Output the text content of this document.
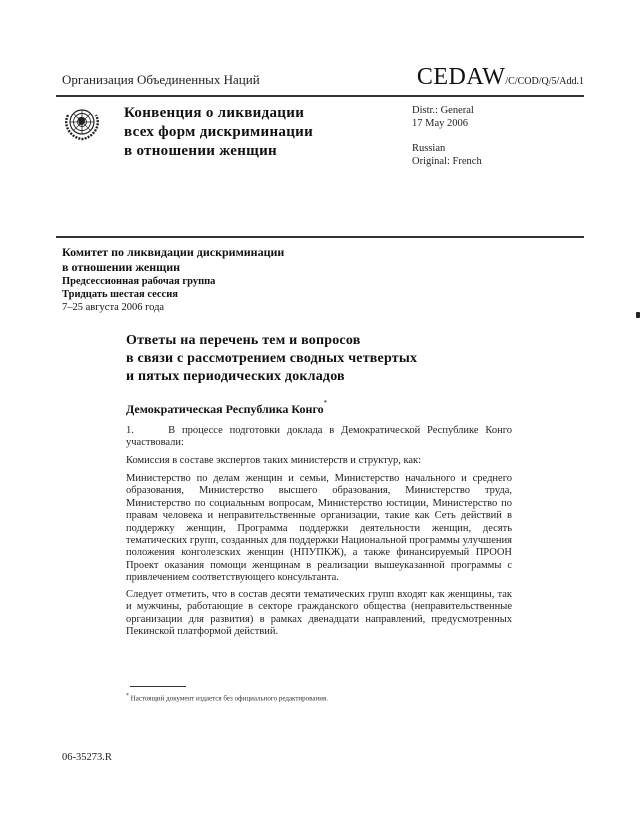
Организация Объединенных Наций	CEDAW/C/COD/Q/5/Add.1
Конвенция о ликвидации
всех форм дискриминации
в отношении женщин
Distr.: General
17 May 2006
Russian
Original: French
Комитет по ликвидации дискриминации
в отношении женщин
Предсессионная рабочая группа
Тридцать шестая сессия
7–25 августа 2006 года
Ответы на перечень тем и вопросов
в связи с рассмотрением сводных четвертых
и пятых периодических докладов
Демократическая Республика Конго*
1.     В процессе подготовки доклада в Демократической Республике Конго участвовали:
Комиссия в составе экспертов таких министерств и структур, как:
Министерство по делам женщин и семьи, Министерство начального и среднего образования, Министерство высшего образования, Министерство труда, Министерство по социальным вопросам, Министерство юстиции, Министерство по правам человека и неправительственные организации, такие как Сеть действий в поддержку женщин, Программа поддержки деятельности женщин, десять тематических групп, созданных для поддержки Национальной программы улучшения положения конголезских женщин (НПУПКЖ), а также финансируемый ПРООН Проект оказания помощи женщинам в реализации вышеуказанной программы с привлечением соответствующего консультанта.
Следует отметить, что в состав десяти тематических групп входят как женщины, так и мужчины, работающие в секторе гражданского общества (неправительственные организации для развития) в рамках двенадцати направлений, предусмотренных Пекинской платформой действий.
* Настоящий документ издается без официального редактирования.
06-35273.R
